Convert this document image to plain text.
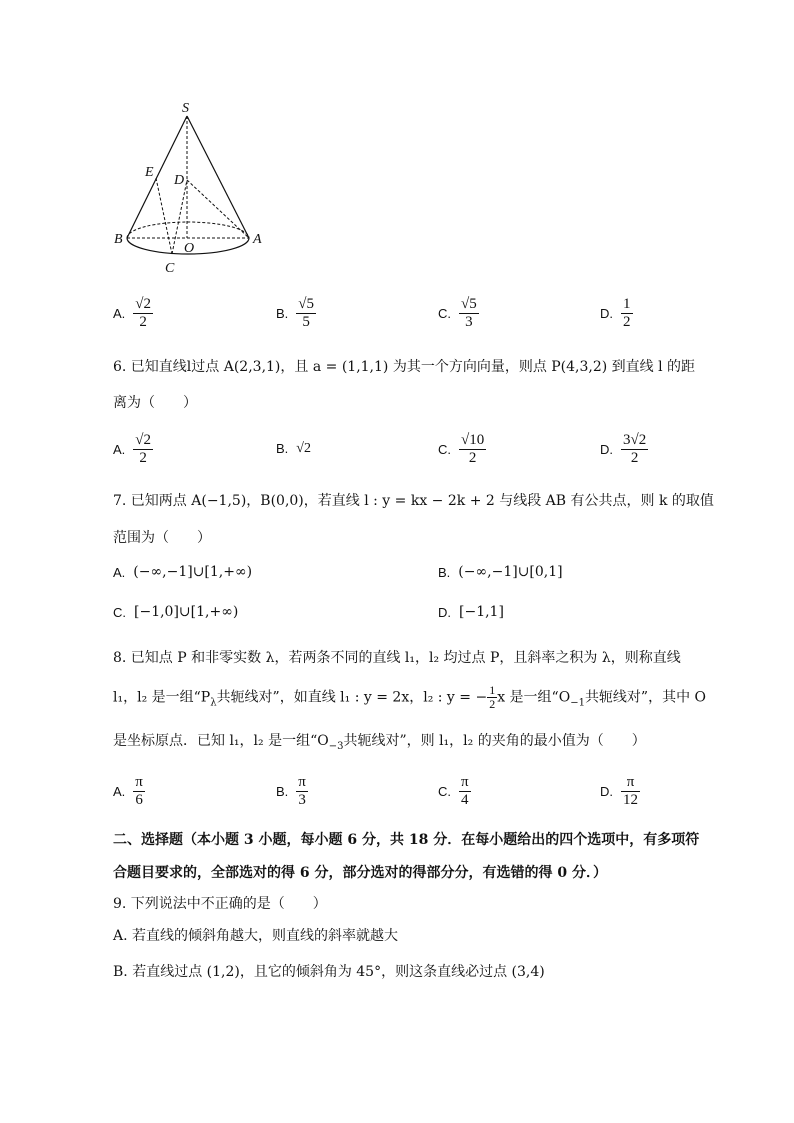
S
E
D
B
O
A
C
A. $\frac{√2}{2}$	B. $\frac{√5}{5}$	C. $\frac{√5}{3}$	D. $\frac{1}{2}$
6. 已知直线l过点 A(2,3,1)，且 a = (1,1,1) 为其一个方向向量，则点 P(4,3,2) 到直线 l 的距
离为（　　）
A. $\frac{√2}{2}$	B. √2	C. $\frac{√10}{2}$	D. $\frac{3√2}{2}$
7. 已知两点 A(−1,5)，B(0,0)，若直线 l : y = kx − 2k + 2 与线段 AB 有公共点，则 k 的取值
范围为（　　）
A. (−∞,−1]∪[1,+∞)	B. (−∞,−1]∪[0,1]
C. [−1,0]∪[1,+∞)	D. [−1,1]
8. 已知点 P 和非零实数 λ，若两条不同的直线 l₁，l₂ 均过点 P，且斜率之积为 λ，则称直线
l₁，l₂ 是一组“$P_\lambda$共轭线对”，如直线 l₁ : y = 2x，l₂ : y = − $\frac{1}{2}$ x 是一组“$O_{-1}$共轭线对”，其中 O
是坐标原点．已知 l₁，l₂ 是一组“$O_{-3}$共轭线对”，则 l₁，l₂ 的夹角的最小值为（　　）
A. $\frac{\pi}{6}$	B. $\frac{\pi}{3}$	C. $\frac{\pi}{4}$	D. $\frac{\pi}{12}$
二、选择题（本小题 3 小题，每小题 6 分，共 18 分．在每小题给出的四个选项中，有多项符
合题目要求的，全部选对的得 6 分，部分选对的得部分分，有选错的得 0 分．）
9. 下列说法中不正确的是（　　）
A. 若直线的倾斜角越大，则直线的斜率就越大
B. 若直线过点 (1,2)，且它的倾斜角为 45°，则这条直线必过点 (3,4)
